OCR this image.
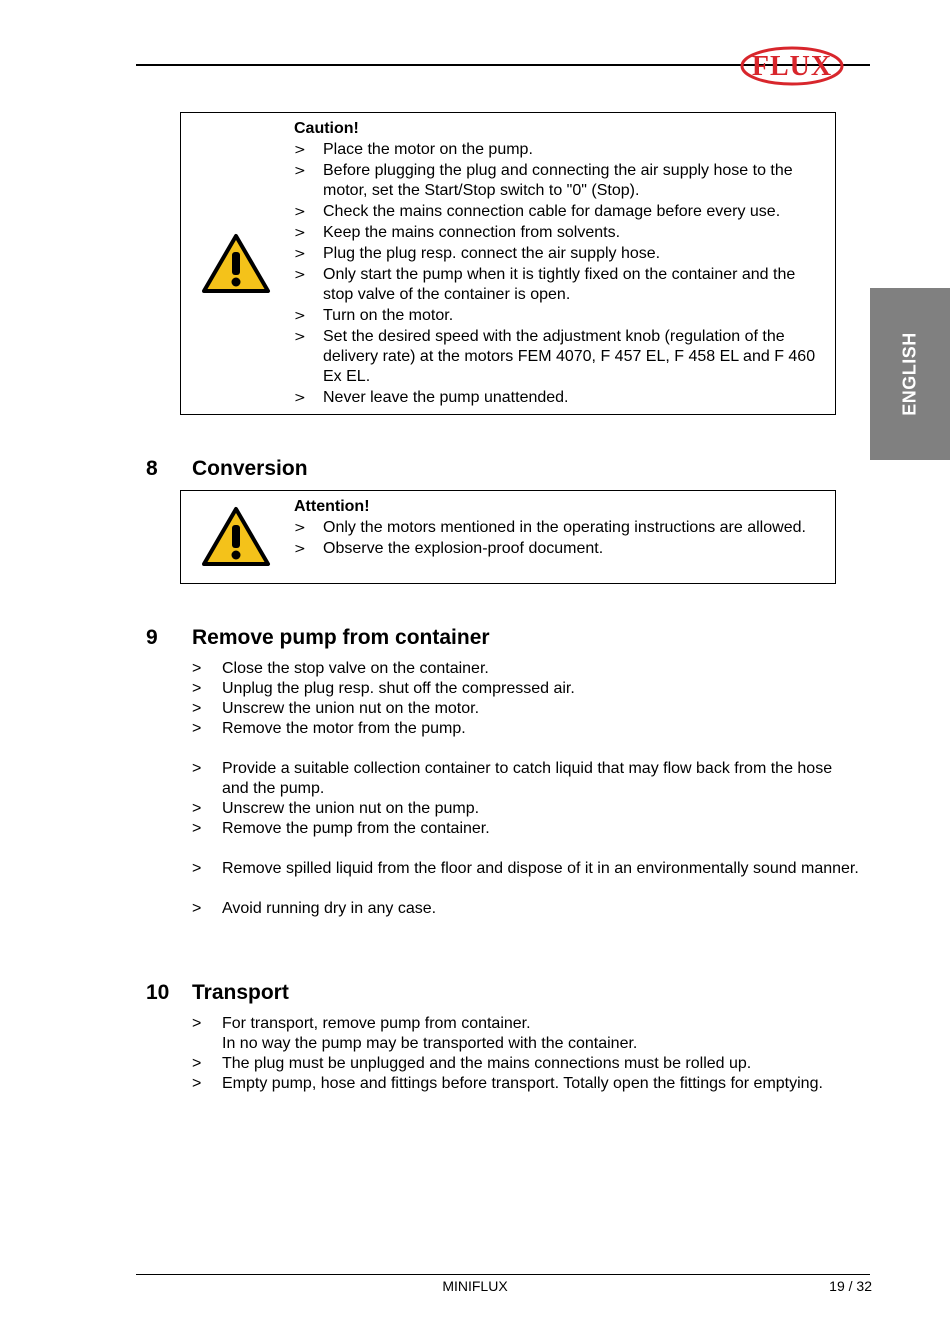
FLUX
ENGLISH
Caution!
> Place the motor on the pump.
> Before plugging the plug and connecting the air supply hose to the motor, set the Start/Stop switch to "0" (Stop).
> Check the mains connection cable for damage before every use.
> Keep the mains connection from solvents.
> Plug the plug resp. connect the air supply hose.
> Only start the pump when it is tightly fixed on the container and the stop valve of the container is open.
> Turn on the motor.
> Set the desired speed with the adjustment knob (regulation of the delivery rate) at the motors FEM 4070, F 457 EL, F 458 EL and F 460 Ex EL.
> Never leave the pump unattended.
8 Conversion
Attention!
> Only the motors mentioned in the operating instructions are allowed.
> Observe the explosion-proof document.
9 Remove pump from container
> Close the stop valve on the container.
> Unplug the plug resp. shut off the compressed air.
> Unscrew the union nut on the motor.
> Remove the motor from the pump.
> Provide a suitable collection container to catch liquid that may flow back from the hose and the pump.
> Unscrew the union nut on the pump.
> Remove the pump from the container.
> Remove spilled liquid from the floor and dispose of it in an environmentally sound manner.
> Avoid running dry in any case.
10 Transport
> For transport, remove pump from container.
In no way the pump may be transported with the container.
> The plug must be unplugged and the mains connections must be rolled up.
> Empty pump, hose and fittings before transport. Totally open the fittings for emptying.
MINIFLUX	19 / 32
